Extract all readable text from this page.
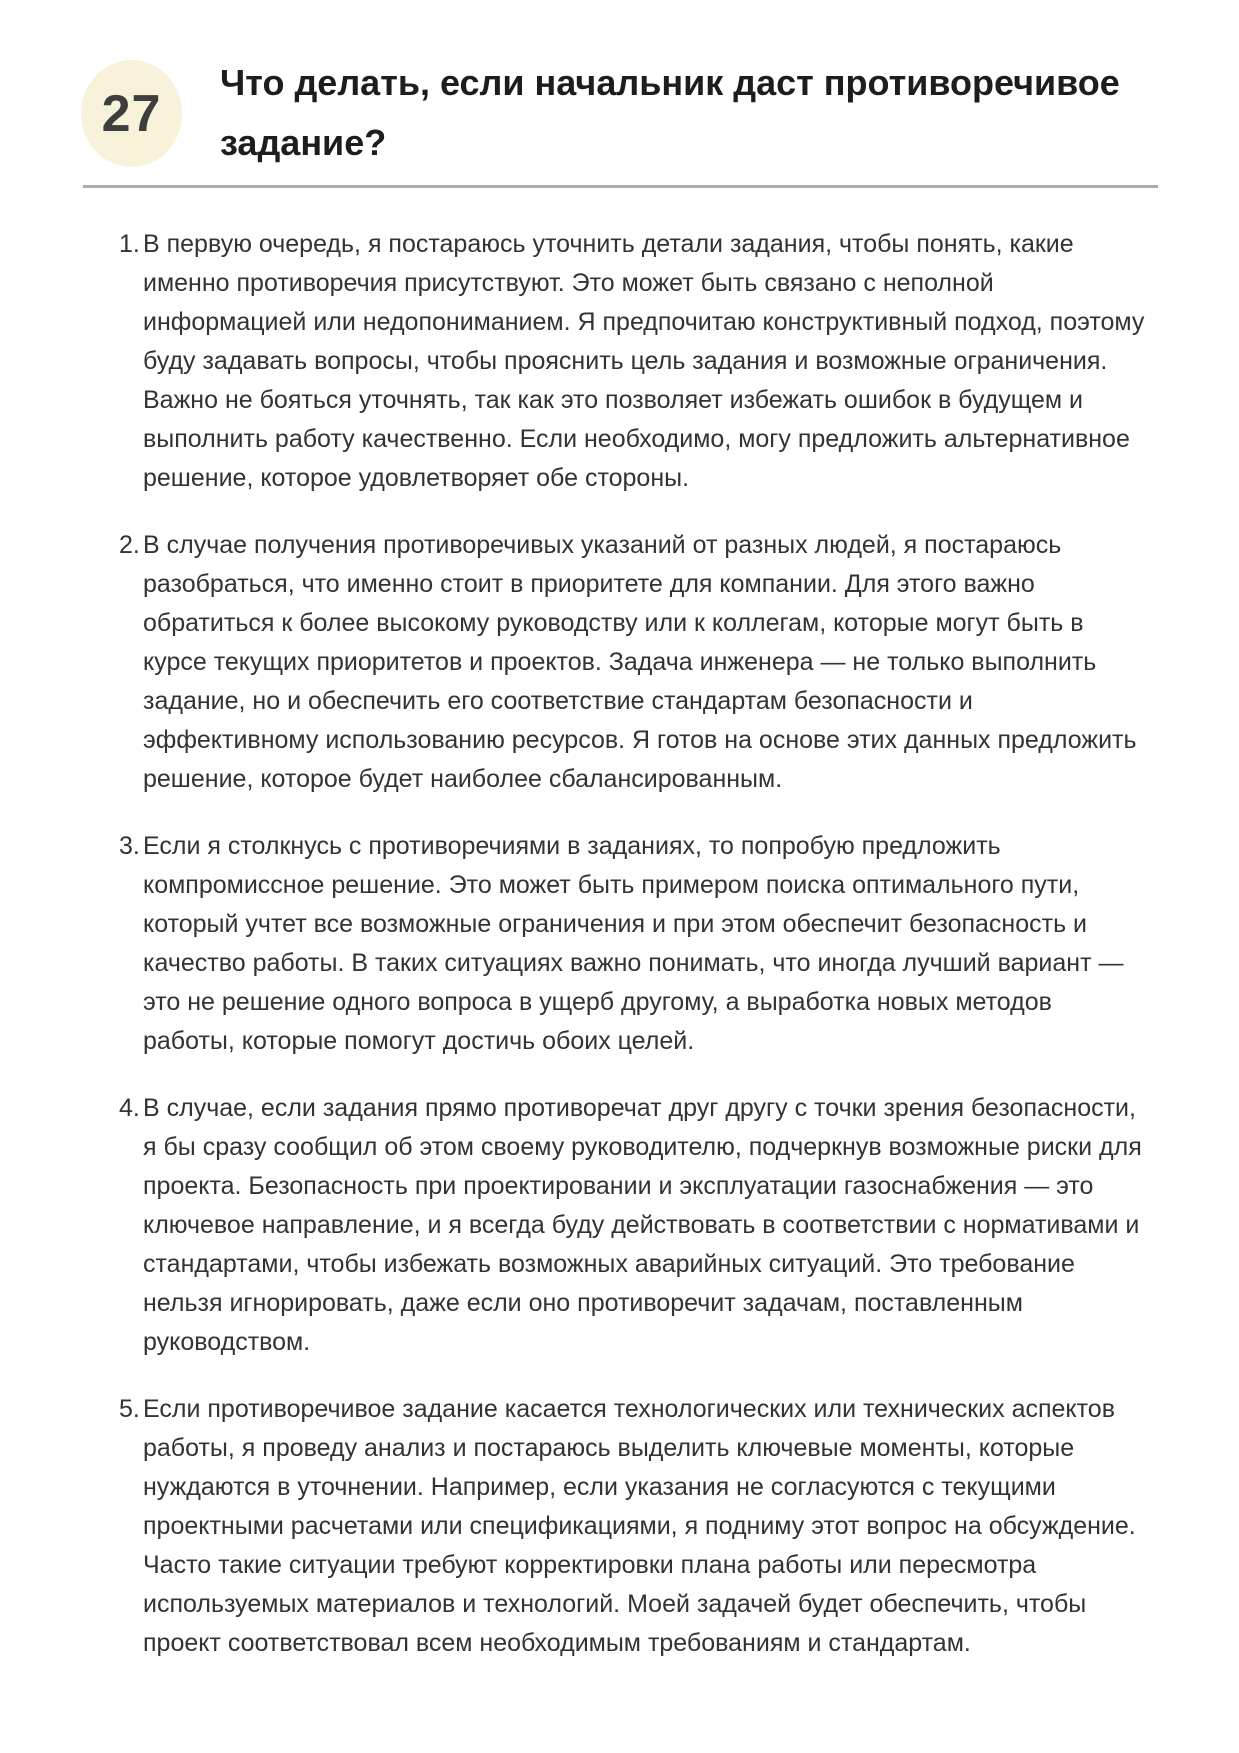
27
Что делать, если начальник даст противоречивое задание?
1. В первую очередь, я постараюсь уточнить детали задания, чтобы понять, какие именно противоречия присутствуют. Это может быть связано с неполной информацией или недопониманием. Я предпочитаю конструктивный подход, поэтому буду задавать вопросы, чтобы прояснить цель задания и возможные ограничения. Важно не бояться уточнять, так как это позволяет избежать ошибок в будущем и выполнить работу качественно. Если необходимо, могу предложить альтернативное решение, которое удовлетворяет обе стороны.

2. В случае получения противоречивых указаний от разных людей, я постараюсь разобраться, что именно стоит в приоритете для компании. Для этого важно обратиться к более высокому руководству или к коллегам, которые могут быть в курсе текущих приоритетов и проектов. Задача инженера — не только выполнить задание, но и обеспечить его соответствие стандартам безопасности и эффективному использованию ресурсов. Я готов на основе этих данных предложить решение, которое будет наиболее сбалансированным.

3. Если я столкнусь с противоречиями в заданиях, то попробую предложить компромиссное решение. Это может быть примером поиска оптимального пути, который учтет все возможные ограничения и при этом обеспечит безопасность и качество работы. В таких ситуациях важно понимать, что иногда лучший вариант — это не решение одного вопроса в ущерб другому, а выработка новых методов работы, которые помогут достичь обоих целей.

4. В случае, если задания прямо противоречат друг другу с точки зрения безопасности, я бы сразу сообщил об этом своему руководителю, подчеркнув возможные риски для проекта. Безопасность при проектировании и эксплуатации газоснабжения — это ключевое направление, и я всегда буду действовать в соответствии с нормативами и стандартами, чтобы избежать возможных аварийных ситуаций. Это требование нельзя игнорировать, даже если оно противоречит задачам, поставленным руководством.

5. Если противоречивое задание касается технологических или технических аспектов работы, я проведу анализ и постараюсь выделить ключевые моменты, которые нуждаются в уточнении. Например, если указания не согласуются с текущими проектными расчетами или спецификациями, я подниму этот вопрос на обсуждение. Часто такие ситуации требуют корректировки плана работы или пересмотра используемых материалов и технологий. Моей задачей будет обеспечить, чтобы проект соответствовал всем необходимым требованиям и стандартам.
